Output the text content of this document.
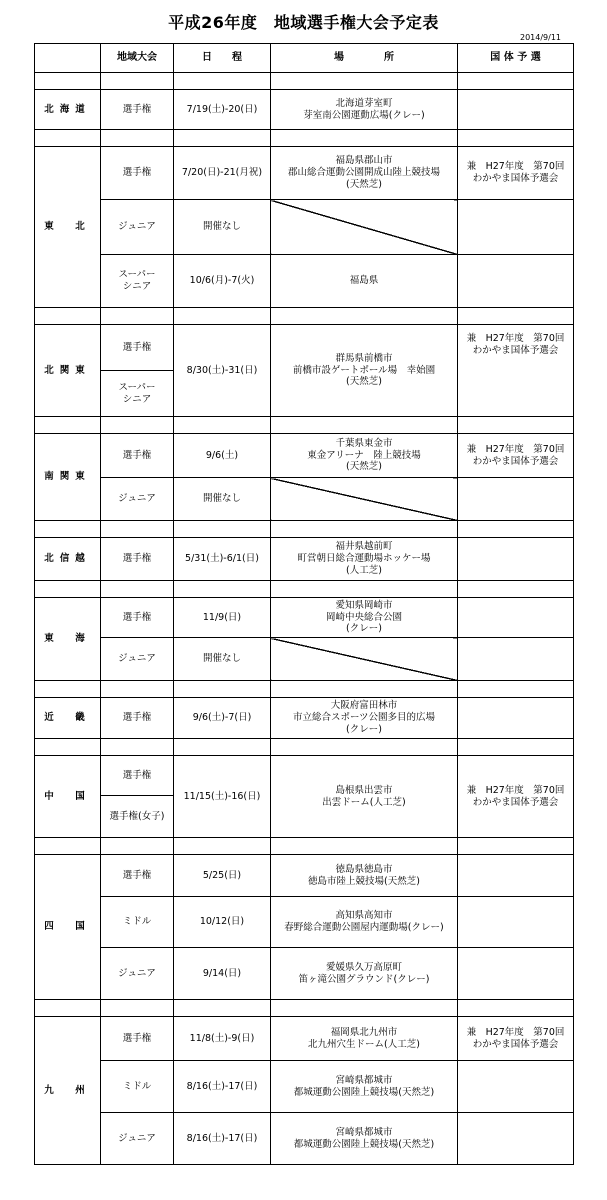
平成26年度　地域選手権大会予定表
2014/9/11
	地域大会	日　　程	場　　　　所	国 体 予 選

北海道	選手権	7/19(土)-20(日)	北海道芽室町
芽室南公園運動広場(クレー)	

東　北	選手権	7/20(日)-21(月祝)	福島県郡山市
郡山総合運動公園開成山陸上競技場
(天然芝)	兼　H27年度　第70回
わかやま国体予選会
	ジュニア	開催なし		
	スーパー
シニア	10/6(月)-7(火)	福島県	

北関東	選手権	8/30(土)-31(日)	群馬県前橋市
前橋市設ゲートボール場　幸始園
(天然芝)	兼　H27年度　第70回
わかやま国体予選会
	スーパー
シニア			

南関東	選手権	9/6(土)	千葉県東金市
東金アリーナ　陸上競技場
(天然芝)	兼　H27年度　第70回
わかやま国体予選会
	ジュニア	開催なし		

北信越	選手権	5/31(土)-6/1(日)	福井県越前町
町営朝日総合運動場ホッケー場
(人工芝)	

東　海	選手権	11/9(日)	愛知県岡崎市
岡崎中央総合公園
(クレー)	
	ジュニア	開催なし		

近　畿	選手権	9/6(土)-7(日)	大阪府富田林市
市立総合スポーツ公園多目的広場
(クレー)	

中　国	選手権	11/15(土)-16(日)	島根県出雲市
出雲ドーム(人工芝)	兼　H27年度　第70回
わかやま国体予選会
	選手権(女子)			

四　国	選手権	5/25(日)	徳島県徳島市
徳島市陸上競技場(天然芝)	
	ミドル	10/12(日)	高知県高知市
春野総合運動公園屋内運動場(クレー)	
	ジュニア	9/14(日)	愛媛県久万高原町
笛ヶ滝公園グラウンド(クレー)	

九　州	選手権	11/8(土)-9(日)	福岡県北九州市
北九州穴生ドーム(人工芝)	兼　H27年度　第70回
わかやま国体予選会
	ミドル	8/16(土)-17(日)	宮崎県都城市
都城運動公園陸上競技場(天然芝)	
	ジュニア	8/16(土)-17(日)	宮崎県都城市
都城運動公園陸上競技場(天然芝)	
